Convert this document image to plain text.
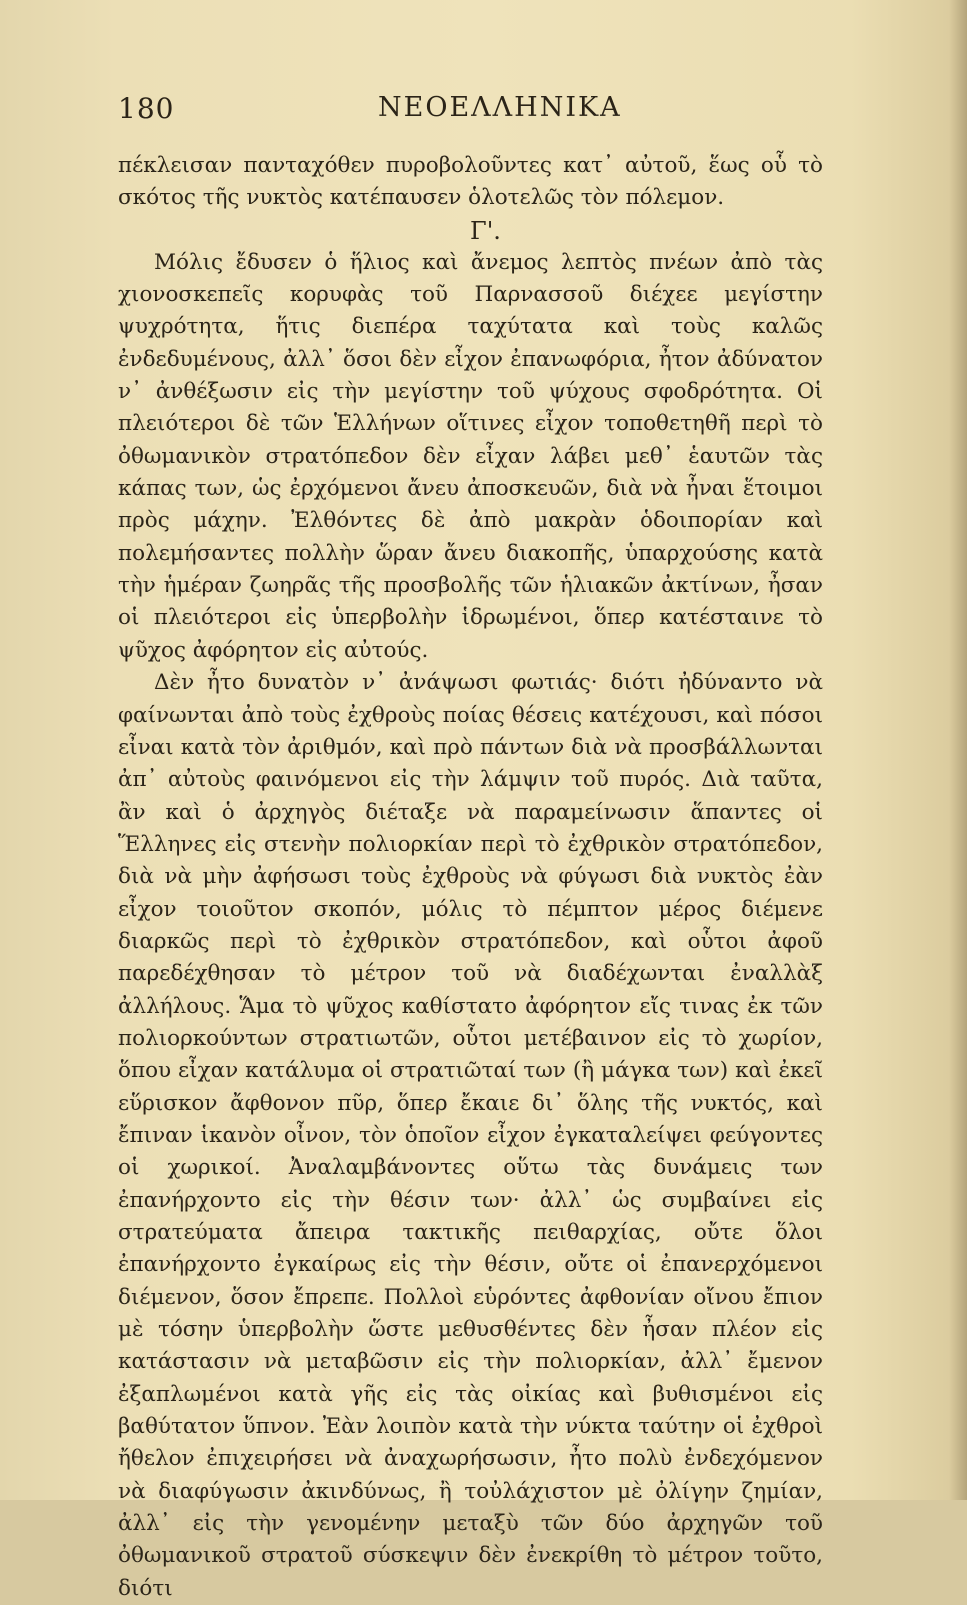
180	ΝΕΟΕΛΛΗΝΙΚΑ

πέκλεισαν πανταχόθεν πυροβολοῦντες κατ᾽ αὐτοῦ, ἕως οὗ τὸ σκότος τῆς νυκτὸς κατέπαυσεν ὁλοτελῶς τὸν πόλεμον.

Γ'.

Μόλις ἔδυσεν ὁ ἥλιος καὶ ἄνεμος λεπτὸς πνέων ἀπὸ τὰς χιονοσκεπεῖς κορυφὰς τοῦ Παρνασσοῦ διέχεε μεγίστην ψυχρότητα, ἥτις διεπέρα ταχύτατα καὶ τοὺς καλῶς ἐνδεδυμένους, ἀλλ᾽ ὅσοι δὲν εἶχον ἐπανωφόρια, ἦτον ἀδύνατον ν᾽ ἀνθέξωσιν εἰς τὴν μεγίστην τοῦ ψύχους σφοδρότητα. Οἱ πλειότεροι δὲ τῶν Ἑλλήνων οἵτινες εἶχον τοποθετηθῆ περὶ τὸ ὀθωμανικὸν στρατόπεδον δὲν εἶχαν λάβει μεθ᾽ ἑαυτῶν τὰς κάπας των, ὡς ἐρχόμενοι ἄνευ ἀποσκευῶν, διὰ νὰ ἦναι ἕτοιμοι πρὸς μάχην. Ἐλθόντες δὲ ἀπὸ μακρὰν ὁδοιπορίαν καὶ πολεμήσαντες πολλὴν ὥραν ἄνευ διακοπῆς, ὑπαρχούσης κατὰ τὴν ἡμέραν ζωηρᾶς τῆς προσβολῆς τῶν ἡλιακῶν ἀκτίνων, ἦσαν οἱ πλειότεροι εἰς ὑπερβολὴν ἱδρωμένοι, ὅπερ κατέσταινε τὸ ψῦχος ἀφόρητον εἰς αὐτούς.

Δὲν ἦτο δυνατὸν ν᾽ ἀνάψωσι φωτιάς· διότι ἠδύναντο νὰ φαίνωνται ἀπὸ τοὺς ἐχθροὺς ποίας θέσεις κατέχουσι, καὶ πόσοι εἶναι κατὰ τὸν ἀριθμόν, καὶ πρὸ πάντων διὰ νὰ προσβάλλωνται ἀπ᾽ αὐτοὺς φαινόμενοι εἰς τὴν λάμψιν τοῦ πυρός. Διὰ ταῦτα, ἂν καὶ ὁ ἀρχηγὸς διέταξε νὰ παραμείνωσιν ἅπαντες οἱ Ἕλληνες εἰς στενὴν πολιορκίαν περὶ τὸ ἐχθρικὸν στρατόπεδον, διὰ νὰ μὴν ἀφήσωσι τοὺς ἐχθροὺς νὰ φύγωσι διὰ νυκτὸς ἐὰν εἶχον τοιοῦτον σκοπόν, μόλις τὸ πέμπτον μέρος διέμενε διαρκῶς περὶ τὸ ἐχθρικὸν στρατόπεδον, καὶ οὗτοι ἀφοῦ παρεδέχθησαν τὸ μέτρον τοῦ νὰ διαδέχωνται ἐναλλὰξ ἀλλήλους. Ἅμα τὸ ψῦχος καθίστατο ἀφόρητον εἴς τινας ἐκ τῶν πολιορκούντων στρατιωτῶν, οὗτοι μετέβαινον εἰς τὸ χωρίον, ὅπου εἶχαν κατάλυμα οἱ στρατιῶταί των (ἢ μάγκα των) καὶ ἐκεῖ εὕρισκον ἄφθονον πῦρ, ὅπερ ἔκαιε δι᾽ ὅλης τῆς νυκτός, καὶ ἔπιναν ἱκανὸν οἶνον, τὸν ὁποῖον εἶχον ἐγκαταλείψει φεύγοντες οἱ χωρικοί. Ἀναλαμβάνοντες οὕτω τὰς δυνάμεις των ἐπανήρχοντο εἰς τὴν θέσιν των· ἀλλ᾽ ὡς συμβαίνει εἰς στρατεύματα ἄπειρα τακτικῆς πειθαρχίας, οὔτε ὅλοι ἐπανήρχοντο ἐγκαίρως εἰς τὴν θέσιν, οὔτε οἱ ἐπανερχόμενοι διέμενον, ὅσον ἔπρεπε. Πολλοὶ εὑρόντες ἀφθονίαν οἴνου ἔπιον μὲ τόσην ὑπερβολὴν ὥστε μεθυσθέντες δὲν ἦσαν πλέον εἰς κατάστασιν νὰ μεταβῶσιν εἰς τὴν πολιορκίαν, ἀλλ᾽ ἔμενον ἐξαπλωμένοι κατὰ γῆς εἰς τὰς οἰκίας καὶ βυθισμένοι εἰς βαθύτατον ὕπνον. Ἐὰν λοιπὸν κατὰ τὴν νύκτα ταύτην οἱ ἐχθροὶ ἤθελον ἐπιχειρήσει νὰ ἀναχωρήσωσιν, ἦτο πολὺ ἐνδεχόμενον νὰ διαφύγωσιν ἀκινδύνως, ἢ τοὐλάχιστον μὲ ὀλίγην ζημίαν, ἀλλ᾽ εἰς τὴν γενομένην μεταξὺ τῶν δύο ἀρχηγῶν τοῦ ὀθωμανικοῦ στρατοῦ σύσκεψιν δὲν ἐνεκρίθη τὸ μέτρον τοῦτο, διότι
